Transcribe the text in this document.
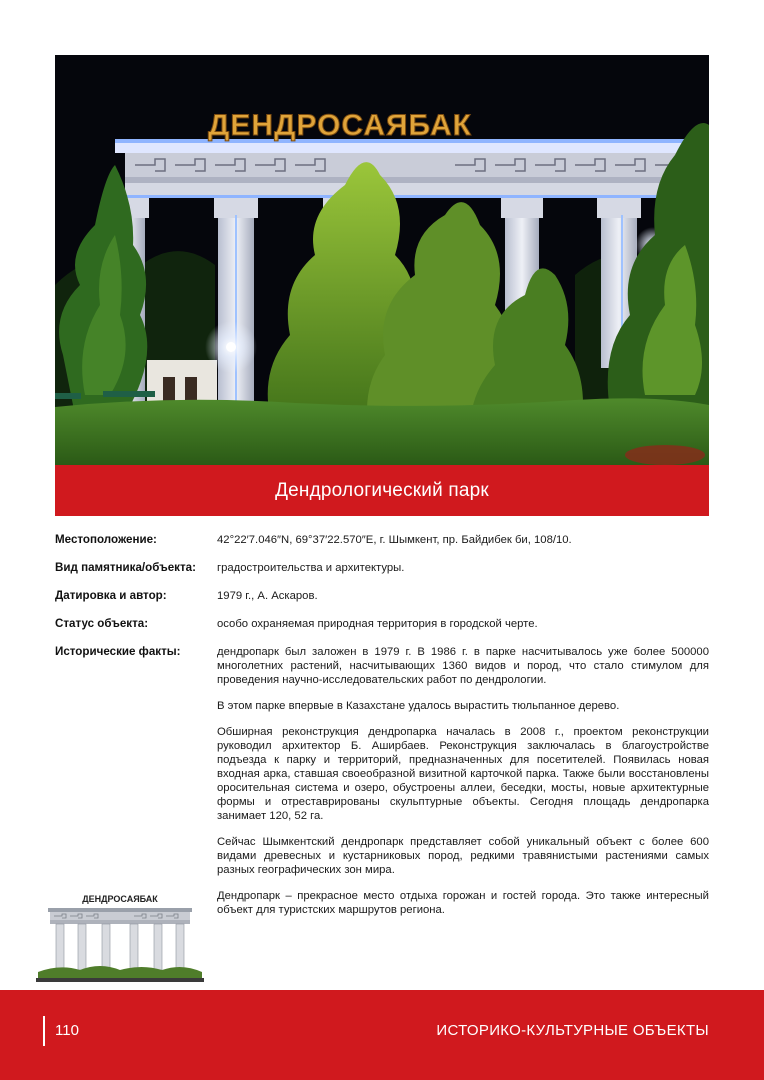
ДЕНДРОСАЯБАК
Дендрологический парк
Местоположение:	42°22′7.046″N, 69°37′22.570″E, г. Шымкент, пр. Байдибек би, 108/10.
Вид памятника/объекта:	градостроительства и архитектуры.
Датировка и автор:	1979 г., А. Аскаров.
Статус объекта:	особо охраняемая природная территория в городской черте.
Исторические факты:	дендропарк был заложен в 1979 г. В 1986 г. в парке насчитывалось уже более 500000 многолетних растений, насчитывающих 1360 видов и пород, что стало стимулом для проведения научно-исследовательских работ по дендрологии.

В этом парке впервые в Казахстане удалось вырастить тюльпанное дерево.

Обширная реконструкция дендропарка началась в 2008 г., проектом реконструкции руководил архитектор Б. Аширбаев. Реконструкция заключалась в благоустройстве подъезда к парку и территорий, предназначенных для посетителей. Появилась новая входная арка, ставшая своеобразной визитной карточкой парка. Также были восстановлены оросительная система и озеро, обустроены аллеи, беседки, мосты, новые архитектурные формы и отреставрированы скульптурные объекты. Сегодня площадь дендропарка занимает 120, 52 га.

Сейчас Шымкентский дендропарк представляет собой уникальный объект с более 600 видами древесных и кустарниковых пород, редкими травянистыми растениями самых разных географических зон мира.

Дендропарк – прекрасное место отдыха горожан и гостей города. Это также интересный объект для туристских маршрутов региона.

ДЕНДРОСАЯБАК
110	ИСТОРИКО-КУЛЬТУРНЫЕ ОБЪЕКТЫ
